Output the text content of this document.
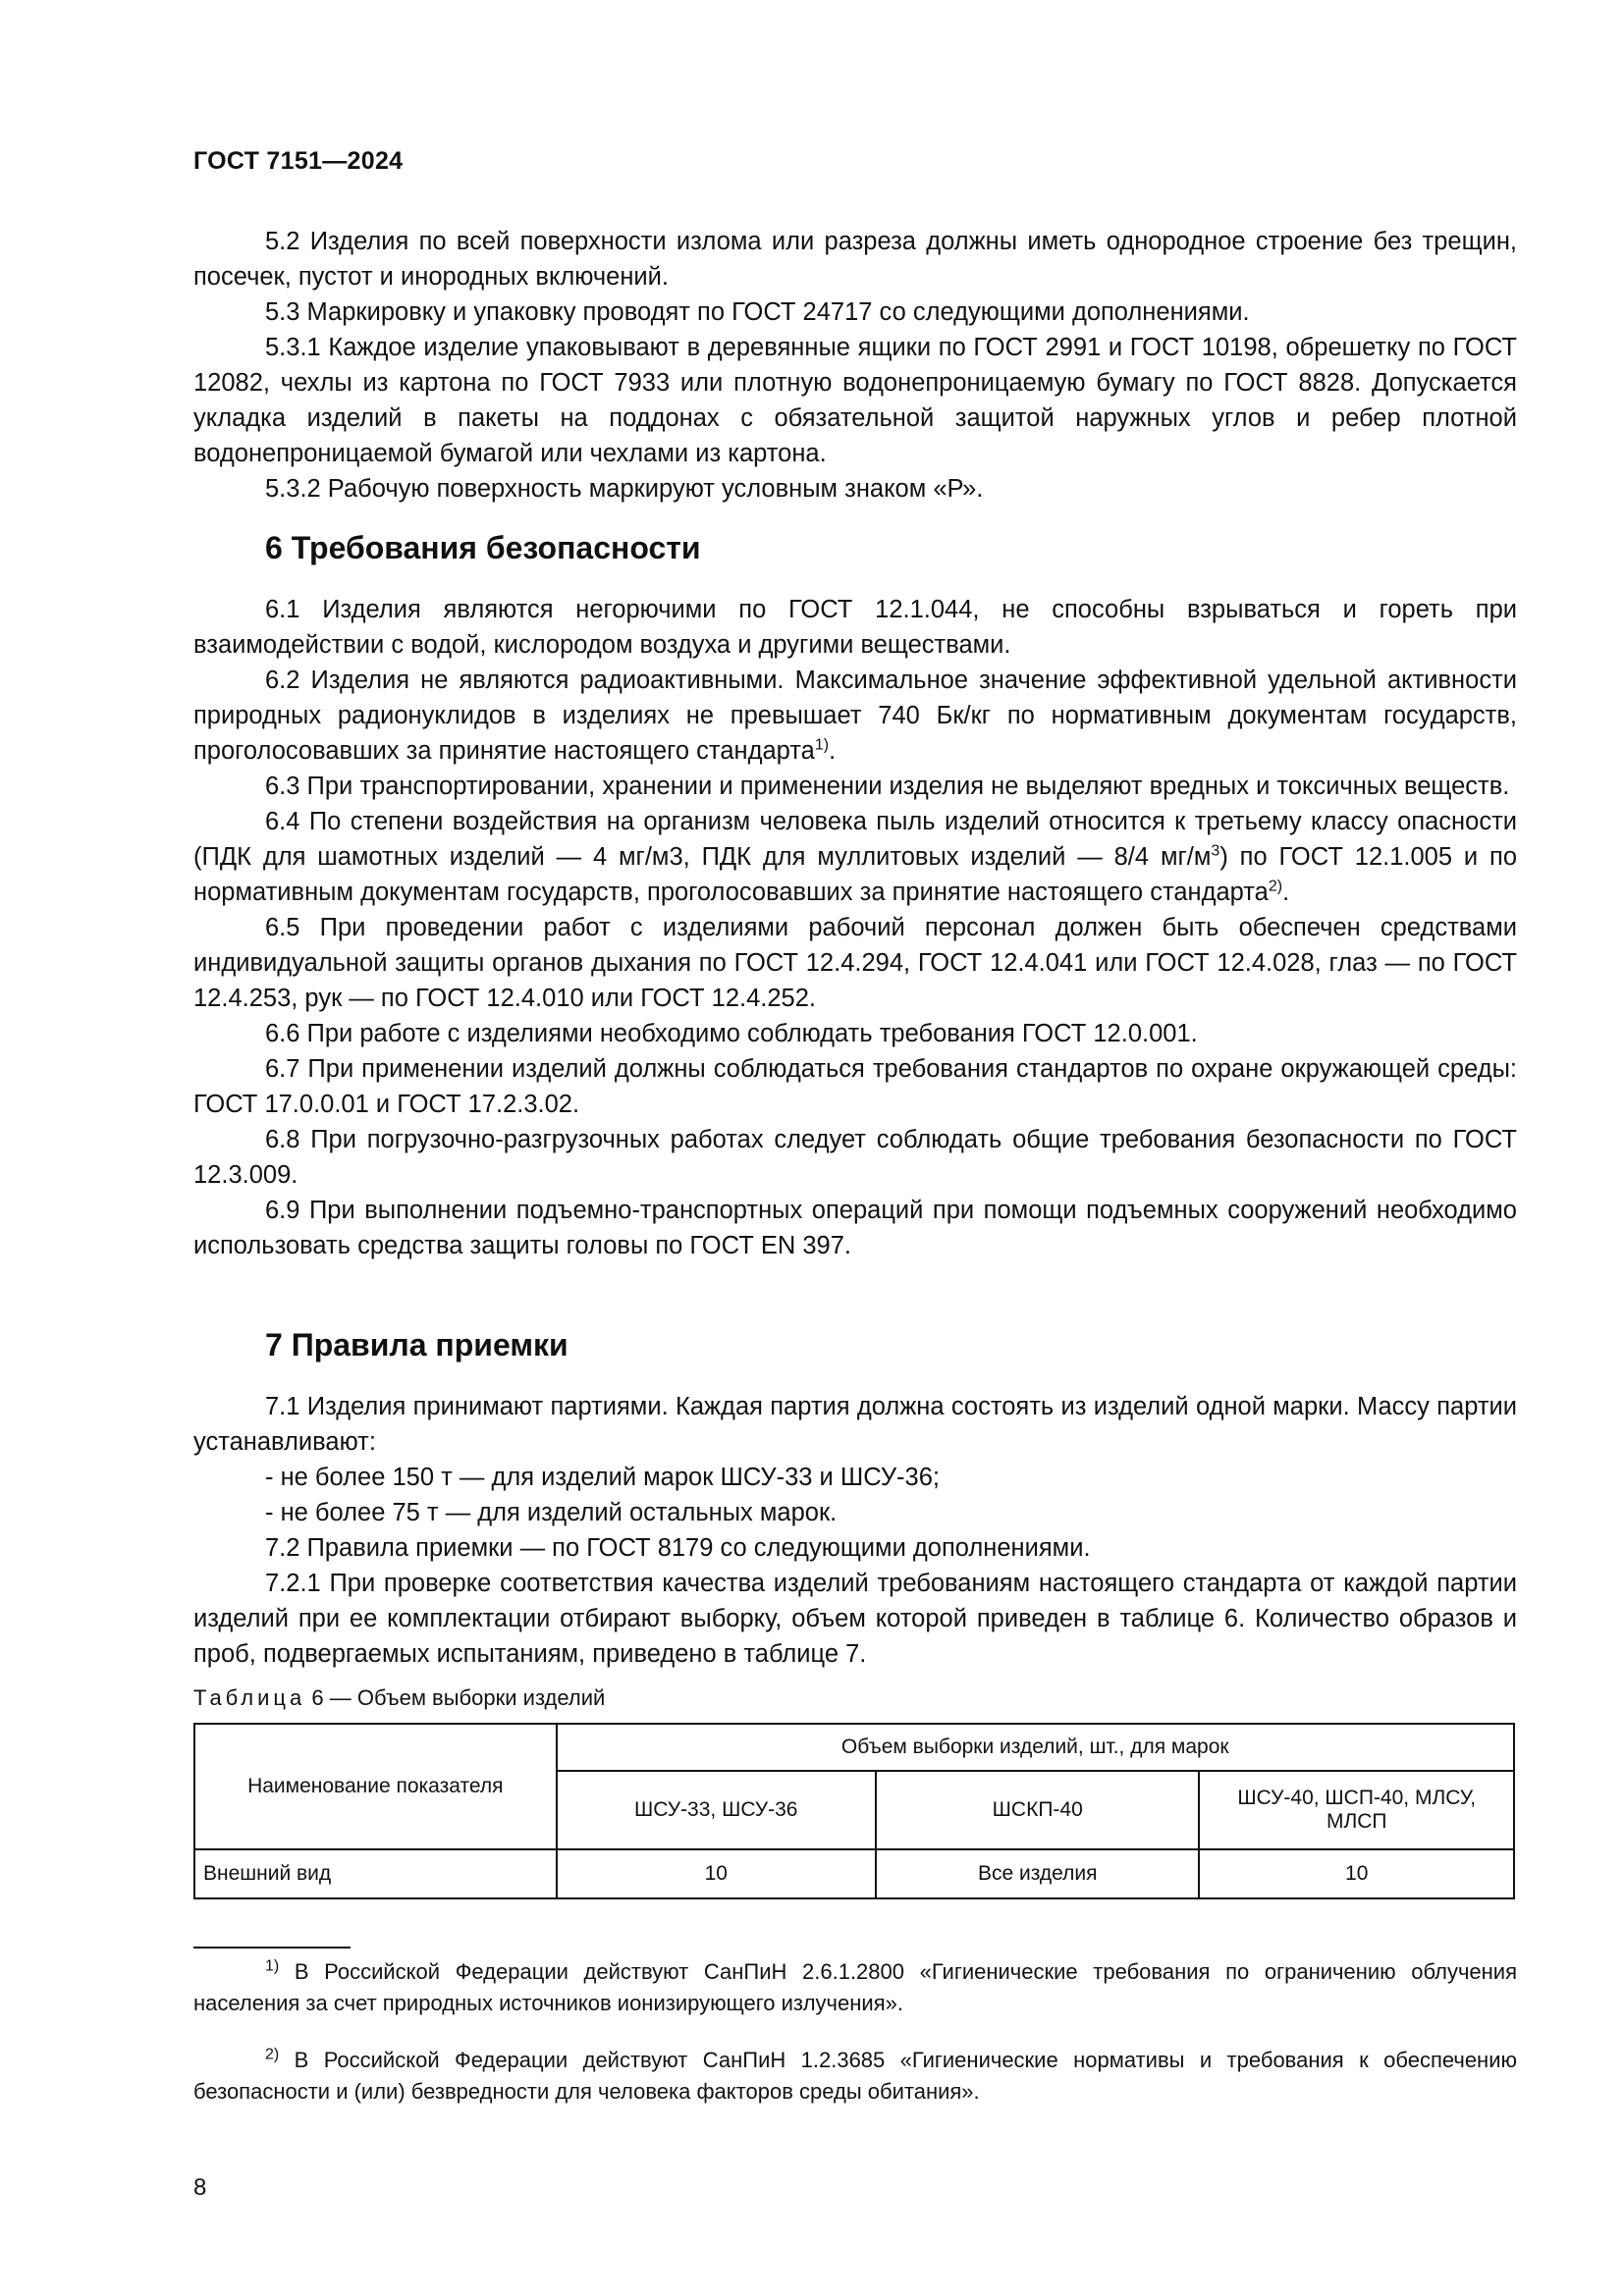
ГОСТ 7151—2024

5.2 Изделия по всей поверхности излома или разреза должны иметь однородное строение без трещин, посечек, пустот и инородных включений.

5.3 Маркировку и упаковку проводят по ГОСТ 24717 со следующими дополнениями.

5.3.1 Каждое изделие упаковывают в деревянные ящики по ГОСТ 2991 и ГОСТ 10198, обрешетку по ГОСТ 12082, чехлы из картона по ГОСТ 7933 или плотную водонепроницаемую бумагу по ГОСТ 8828. Допускается укладка изделий в пакеты на поддонах с обязательной защитой наружных углов и ребер плотной водонепроницаемой бумагой или чехлами из картона.

5.3.2 Рабочую поверхность маркируют условным знаком «Р».

6 Требования безопасности

6.1 Изделия являются негорючими по ГОСТ 12.1.044, не способны взрываться и гореть при взаимодействии с водой, кислородом воздуха и другими веществами.

6.2 Изделия не являются радиоактивными. Максимальное значение эффективной удельной активности природных радионуклидов в изделиях не превышает 740 Бк/кг по нормативным документам государств, проголосовавших за принятие настоящего стандарта$^{1)}$.

6.3 При транспортировании, хранении и применении изделия не выделяют вредных и токсичных веществ.

6.4 По степени воздействия на организм человека пыль изделий относится к третьему классу опасности (ПДК для шамотных изделий — 4 мг/м3, ПДК для муллитовых изделий — 8/4 $мг/м^3$) по ГОСТ 12.1.005 и по нормативным документам государств, проголосовавших за принятие настоящего стандарта$^{2)}$.

6.5 При проведении работ с изделиями рабочий персонал должен быть обеспечен средствами индивидуальной защиты органов дыхания по ГОСТ 12.4.294, ГОСТ 12.4.041 или ГОСТ 12.4.028, глаз — по ГОСТ 12.4.253, рук — по ГОСТ 12.4.010 или ГОСТ 12.4.252.

6.6 При работе с изделиями необходимо соблюдать требования ГОСТ 12.0.001.

6.7 При применении изделий должны соблюдаться требования стандартов по охране окружающей среды: ГОСТ 17.0.0.01 и ГОСТ 17.2.3.02.

6.8 При погрузочно-разгрузочных работах следует соблюдать общие требования безопасности по ГОСТ 12.3.009.

6.9 При выполнении подъемно-транспортных операций при помощи подъемных сооружений необходимо использовать средства защиты головы по ГОСТ EN 397.

7 Правила приемки

7.1 Изделия принимают партиями. Каждая партия должна состоять из изделий одной марки. Массу партии устанавливают:

- не более 150 т — для изделий марок ШСУ-33 и ШСУ-36;

- не более 75 т — для изделий остальных марок.

7.2 Правила приемки — по ГОСТ 8179 со следующими дополнениями.

7.2.1 При проверке соответствия качества изделий требованиям настоящего стандарта от каждой партии изделий при ее комплектации отбирают выборку, объем которой приведен в таблице 6. Количество образов и проб, подвергаемых испытаниям, приведено в таблице 7.

Таблица 6 — Объем выборки изделий
Наименование показателя	Объем выборки изделий, шт., для марок		
	ШСУ-33, ШСУ-36	ШСКП-40	ШСУ-40, ШСП-40, МЛСУ, МЛСП
Внешний вид	10	Все изделия	10

$^{1)}$ В Российской Федерации действуют СанПиН 2.6.1.2800 «Гигиенические требования по ограничению облучения населения за счет природных источников ионизирующего излучения».

$^{2)}$ В Российской Федерации действуют СанПиН 1.2.3685 «Гигиенические нормативы и требования к обеспечению безопасности и (или) безвредности для человека факторов среды обитания».

8
